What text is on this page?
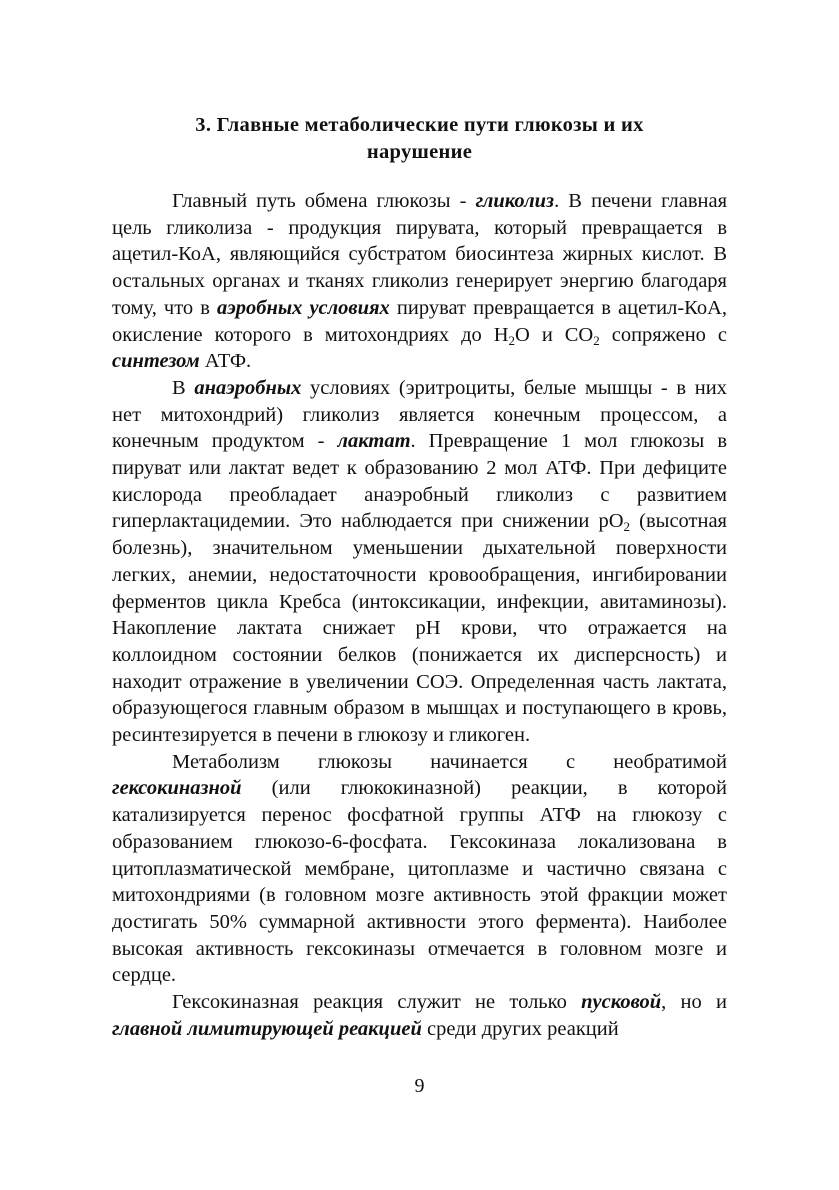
3. Главные метаболические пути глюкозы и их
нарушение

Главный путь обмена глюкозы - гликолиз. В печени главная цель гликолиза - продукция пирувата, который превращается в ацетил-КоА, являющийся субстратом биосинтеза жирных кислот. В остальных органах и тканях гликолиз генерирует энергию благодаря тому, что в аэробных условиях пируват превращается в ацетил-КоА, окисление которого в митохондриях до $H_2O$ и $CO_2$ сопряжено с синтезом АТФ.

В анаэробных условиях (эритроциты, белые мышцы - в них нет митохондрий) гликолиз является конечным процессом, а конечным продуктом - лактат. Превращение 1 мол глюкозы в пируват или лактат ведет к образованию 2 мол АТФ. При дефиците кислорода преобладает анаэробный гликолиз с развитием гиперлактацидемии. Это наблюдается при снижении $pO_2$ (высотная болезнь), значительном уменьшении дыхательной поверхности легких, анемии, недостаточности кровообращения, ингибировании ферментов цикла Кребса (интоксикации, инфекции, авитаминозы). Накопление лактата снижает pH крови, что отражается на коллоидном состоянии белков (понижается их дисперсность) и находит отражение в увеличении СОЭ. Определенная часть лактата, образующегося главным образом в мышцах и поступающего в кровь, ресинтезируется в печени в глюкозу и гликоген.

Метаболизм глюкозы начинается с необратимой гексокиназной (или глюкокиназной) реакции, в которой катализируется перенос фосфатной группы АТФ на глюкозу с образованием глюкозо-6-фосфата. Гексокиназа локализована в цитоплазматической мембране, цитоплазме и частично связана с митохондриями (в головном мозге активность этой фракции может достигать 50% суммарной активности этого фермента). Наиболее высокая активность гексокиназы отмечается в головном мозге и сердце.

Гексокиназная реакция служит не только пусковой, но и главной лимитирующей реакцией среди других реакций

9
